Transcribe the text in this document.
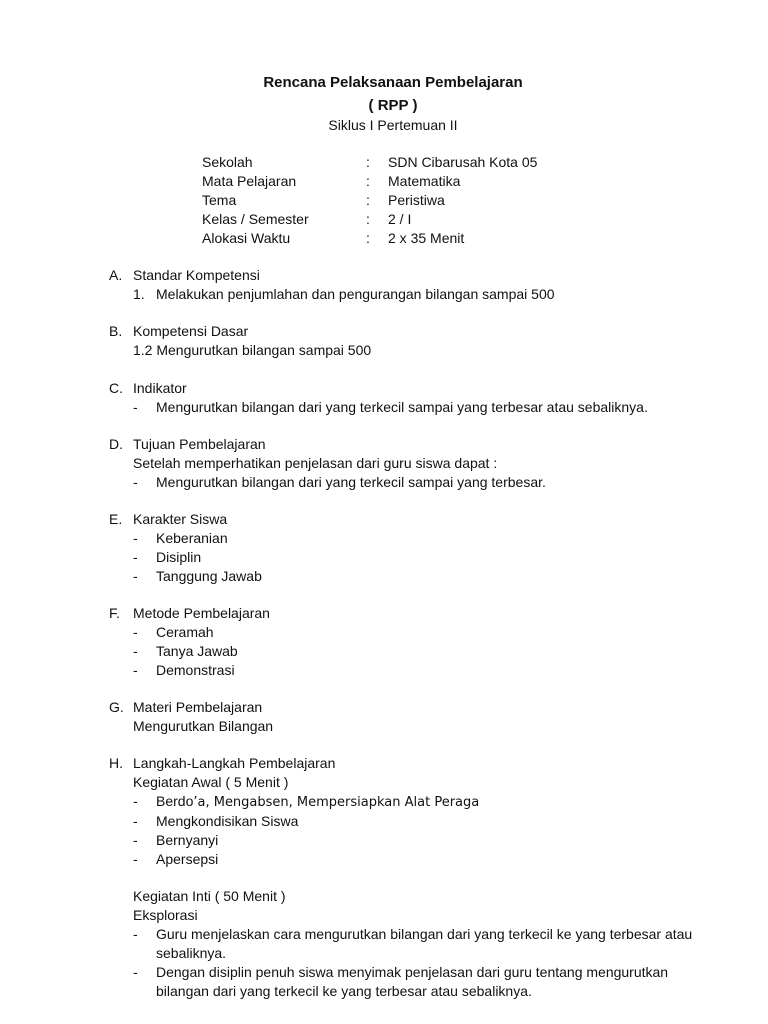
Rencana Pelaksanaan Pembelajaran
( RPP )
Siklus I Pertemuan II
Sekolah	: SDN Cibarusah Kota 05
Mata Pelajaran	: Matematika
Tema	: Peristiwa
Kelas / Semester	: 2 / I
Alokasi Waktu	: 2 x 35 Menit
A. Standar Kompetensi
1. Melakukan penjumlahan dan pengurangan bilangan sampai 500
B. Kompetensi Dasar
1.2 Mengurutkan bilangan sampai 500
C. Indikator
- Mengurutkan bilangan dari yang terkecil sampai yang terbesar atau sebaliknya.
D. Tujuan Pembelajaran
Setelah memperhatikan penjelasan dari guru siswa dapat :
- Mengurutkan bilangan dari yang terkecil sampai yang terbesar.
E. Karakter Siswa
- Keberanian
- Disiplin
- Tanggung Jawab
F. Metode Pembelajaran
- Ceramah
- Tanya Jawab
- Demonstrasi
G. Materi Pembelajaran
Mengurutkan Bilangan
H. Langkah-Langkah Pembelajaran
Kegiatan Awal ( 5 Menit )
- Berdo’a, Mengabsen, Mempersiapkan Alat Peraga
- Mengkondisikan Siswa
- Bernyanyi
- Apersepsi
Kegiatan Inti ( 50 Menit )
Eksplorasi
- Guru menjelaskan cara mengurutkan bilangan dari yang terkecil ke yang terbesar atau sebaliknya.
- Dengan disiplin penuh siswa menyimak penjelasan dari guru tentang mengurutkan bilangan dari yang terkecil ke yang terbesar atau sebaliknya.
